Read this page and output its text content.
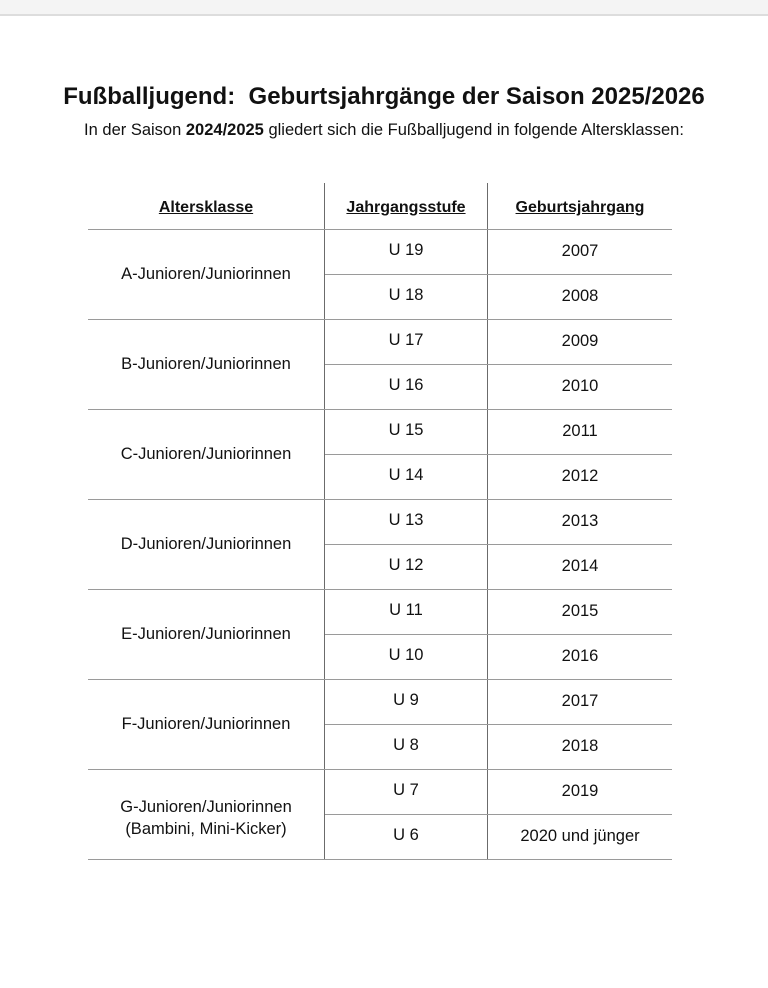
Fußballjugend:  Geburtsjahrgänge der Saison 2025/2026

In der Saison 2024/2025 gliedert sich die Fußballjugend in folgende Altersklassen:

Altersklasse	Jahrgangsstufe	Geburtsjahrgang
A-Junioren/Juniorinnen
U 19	2007
U 18	2008
B-Junioren/Juniorinnen
U 17	2009
U 16	2010
C-Junioren/Juniorinnen
U 15	2011
U 14	2012
D-Junioren/Juniorinnen
U 13	2013
U 12	2014
E-Junioren/Juniorinnen
U 11	2015
U 10	2016
F-Junioren/Juniorinnen
U 9	2017
U 8	2018
G-Junioren/Juniorinnen
(Bambini, Mini-Kicker)
U 7	2019
U 6	2020 und jünger
